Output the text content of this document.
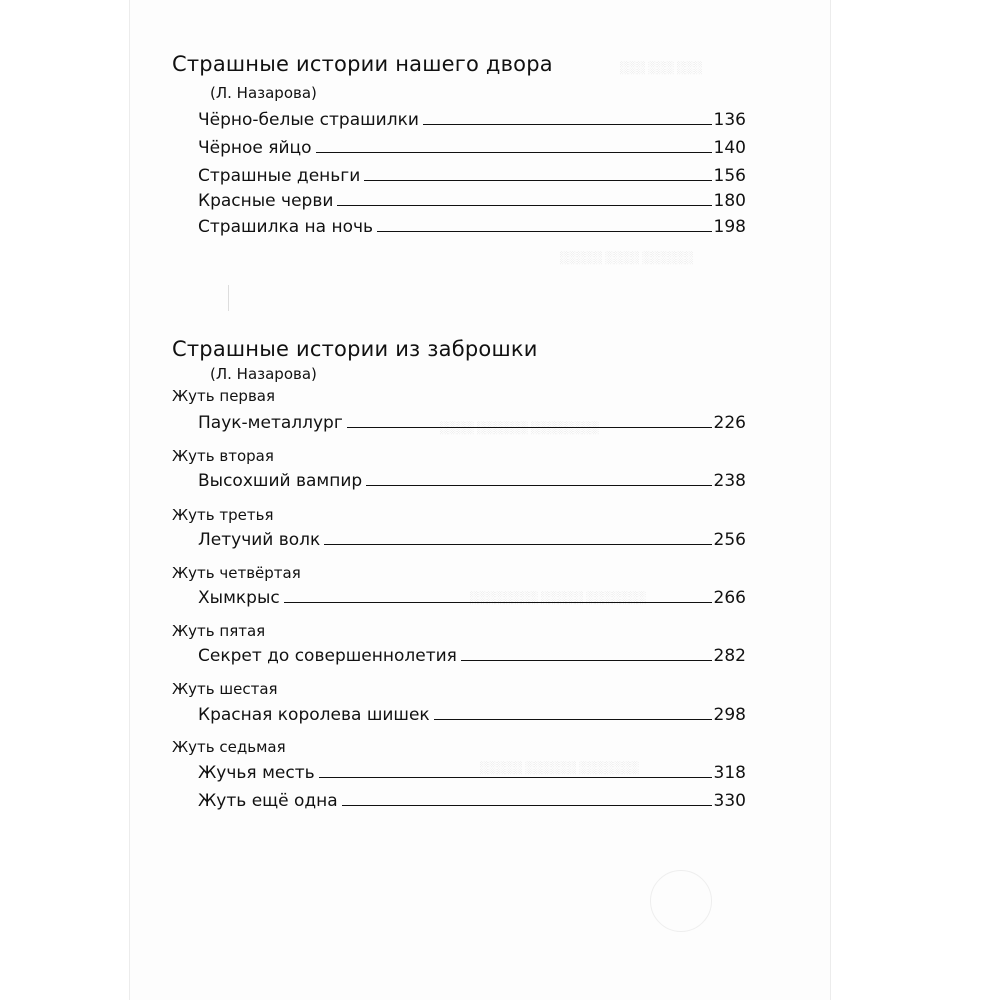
░░░ ░░░ ░░░
░░░░░░ ░░░░ ░░░░░
░░░░░░░░ ░░░░░░ ░░░░
░░░░░░░ ░░░░░ ░░░░░░░░
░░░░░░░ ░░░░░░ ░░░░░
Страшные истории нашего двора
(Л. Назарова)
Чёрно-белые страшилки	136
Чёрное яйцо	140
Страшные деньги	156
Красные черви	180
Страшилка на ночь	198
Страшные истории из заброшки
(Л. Назарова)
Жуть первая
Паук-металлург	226
Жуть вторая
Высохший вампир	238
Жуть третья
Летучий волк	256
Жуть четвёртая
Хымкрыс	266
Жуть пятая
Секрет до совершеннолетия	282
Жуть шестая
Красная королева шишек	298
Жуть седьмая
Жучья месть	318
Жуть ещё одна	330
